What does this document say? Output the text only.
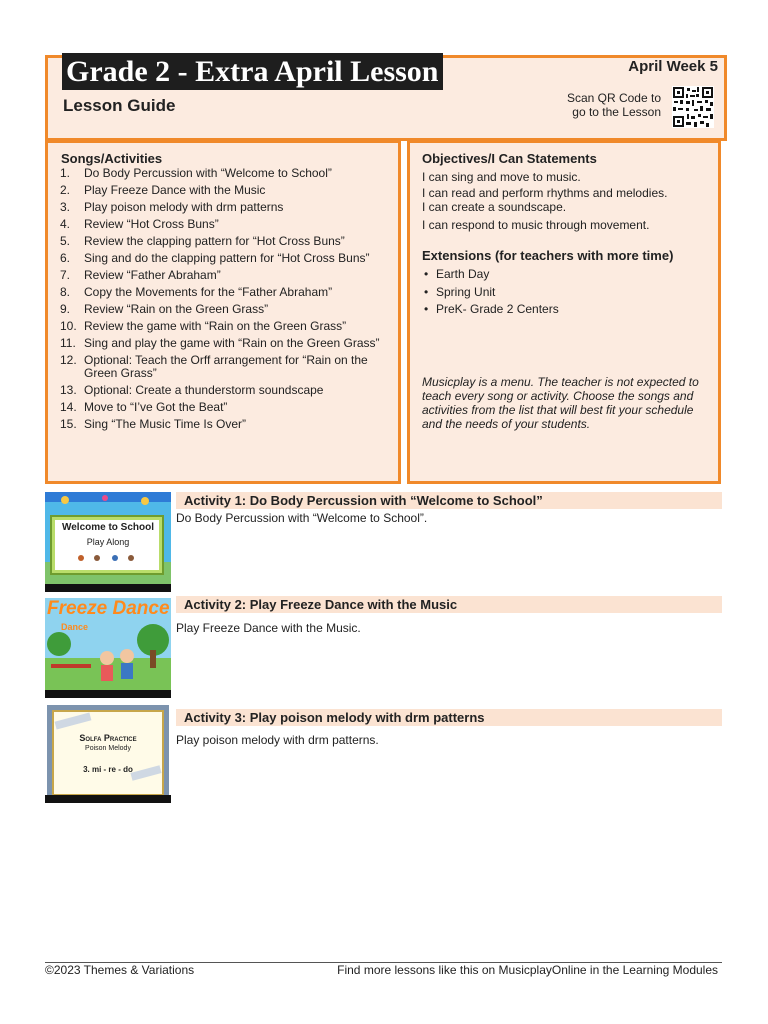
Grade 2 - Extra April Lesson
Lesson Guide
April Week 5
Scan QR Code to
go to the Lesson
Songs/Activities
1. Do Body Percussion with “Welcome to School”
2. Play Freeze Dance with the Music
3. Play poison melody with drm patterns
4. Review “Hot Cross Buns”
5. Review the clapping pattern for “Hot Cross Buns”
6. Sing and do the clapping pattern for “Hot Cross Buns”
7. Review “Father Abraham”
8. Copy the Movements for the “Father Abraham”
9. Review “Rain on the Green Grass”
10. Review the game with “Rain on the Green Grass”
11. Sing and play the game with “Rain on the Green Grass”
12. Optional: Teach the Orff arrangement for “Rain on the Green Grass”
13. Optional: Create a thunderstorm soundscape
14. Move to “I’ve Got the Beat”
15. Sing “The Music Time Is Over”
Objectives/I Can Statements
I can sing and move to music.
I can read and perform rhythms and melodies.
I can create a soundscape.
I can respond to music through movement.
Extensions (for teachers with more time)
• Earth Day
• Spring Unit
• PreK- Grade 2 Centers
Musicplay is a menu. The teacher is not expected to teach every song or activity. Choose the songs and activities from the list that will best fit your schedule and the needs of your students.
Welcome to School
Play Along
Activity 1: Do Body Percussion with “Welcome to School”
Do Body Percussion with “Welcome to School”.
Freeze Dance
Dance
Activity 2: Play Freeze Dance with the Music
Play Freeze Dance with the Music.
Solfa Practice
Poison Melody
3. mi - re - do
Activity 3: Play poison melody with drm patterns
Play poison melody with drm patterns.
©2023 Themes & Variations	Find more lessons like this on MusicplayOnline in the Learning Modules
